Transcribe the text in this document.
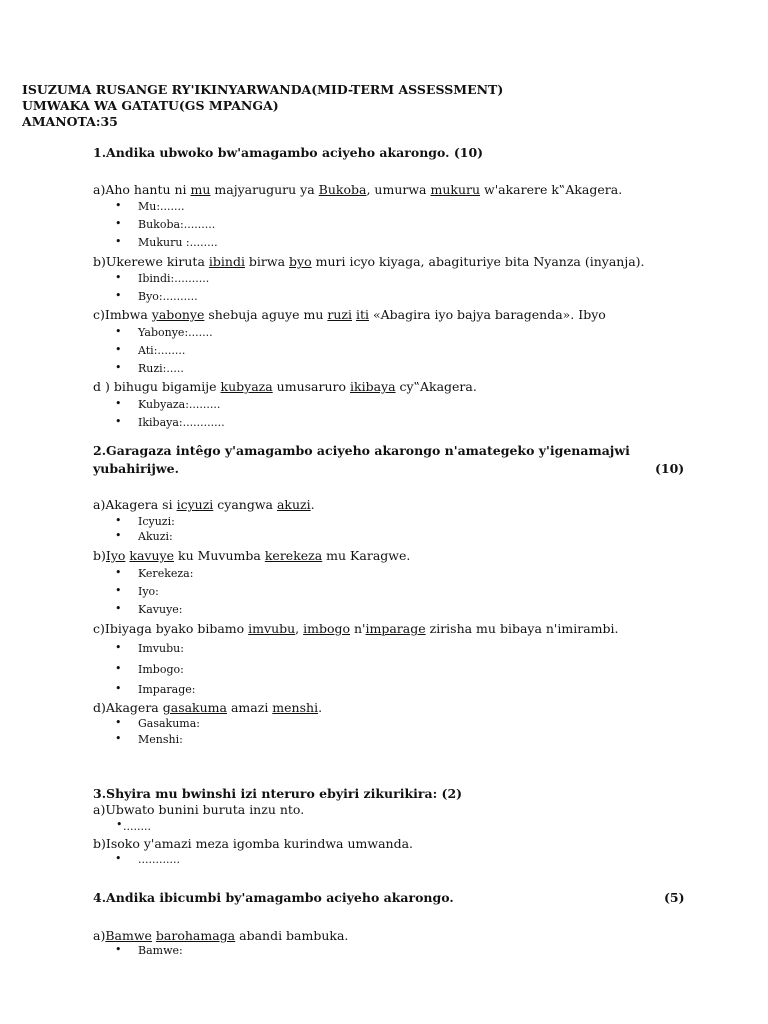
ISUZUMA RUSANGE RY'IKINYARWANDA(MID-TERM ASSESSMENT)
UMWAKA WA GATATU(GS MPANGA)
AMANOTA:35
1.Andika ubwoko bw'amagambo aciyeho akarongo. (10)
a)Aho hantu ni mu majyaruguru ya Bukoba, umurwa mukuru w'akarere k‟Akagera.
• Mu:.......
• Bukoba:.........
• Mukuru :........
b)Ukerewe kiruta ibindi birwa byo muri icyo kiyaga, abagituriye bita Nyanza (inyanja).
• Ibindi:..........
• Byo:..........
c)Imbwa yabonye shebuja aguye mu ruzi iti «Abagira iyo bajya baragenda». Ibyo
• Yabonye:.......
• Ati:........
• Ruzi:.....
d ) bihugu bigamije kubyaza umusaruro ikibaya cy‟Akagera.
• Kubyaza:.........
• Ikibaya:............
2.Garagaza intêgo y'amagambo aciyeho akarongo n'amategeko y'igenamajwi
yubahirijwe.	(10)
a)Akagera si icyuzi cyangwa akuzi.
• Icyuzi:
• Akuzi:
b)Iyo kavuye ku Muvumba kerekeza mu Karagwe.
• Kerekeza:
• Iyo:
• Kavuye:
c)Ibiyaga byako bibamo imvubu, imbogo n'imparage zirisha mu bibaya n'imirambi.
• Imvubu:
• Imbogo:
• Imparage:
d)Akagera gasakuma amazi menshi.
• Gasakuma:
• Menshi:
3.Shyira mu bwinshi izi nteruro ebyiri zikurikira: (2)
a)Ubwato bunini buruta inzu nto.
• ........
b)Isoko y'amazi meza igomba kurindwa umwanda.
• ............
4.Andika ibicumbi by'amagambo aciyeho akarongo.	(5)
a)Bamwe barohamaga abandi bambuka.
• Bamwe:
